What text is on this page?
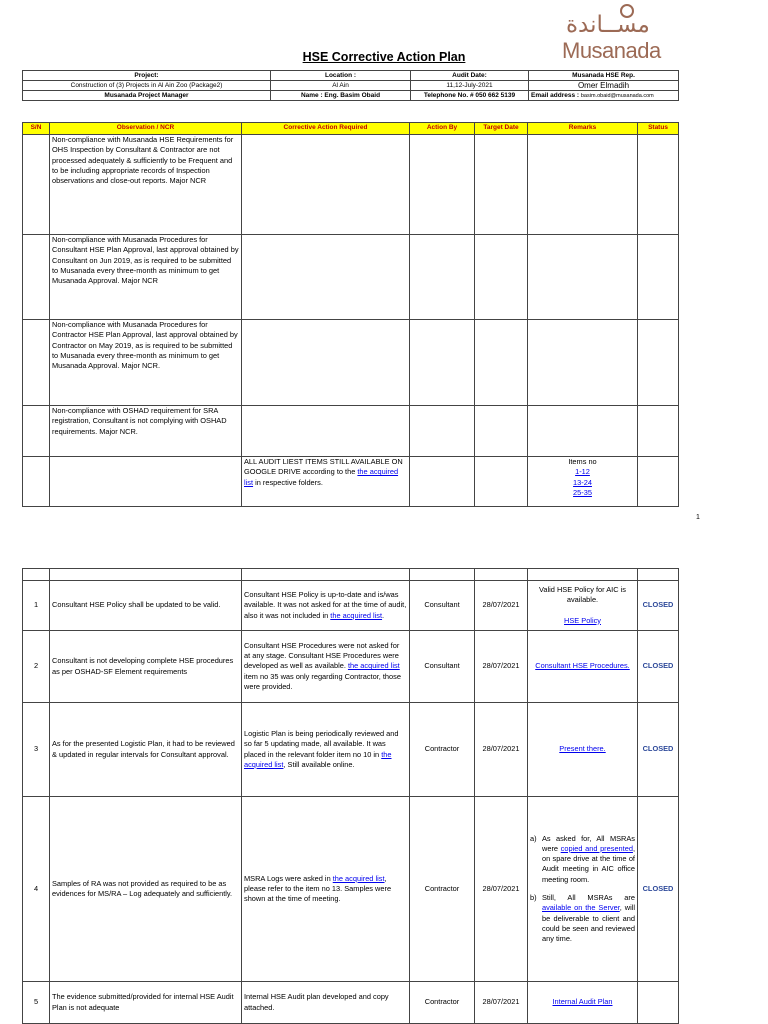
مســاندة
Musanada
HSE Corrective Action Plan
Project:	Location :	Audit Date:	Musanada HSE Rep.
Construction of (3) Projects in Al Ain Zoo (Package2)	Al Ain	11,12-July-2021	Omer Elmadih
Musanada Project Manager	Name : Eng. Basim Obaid	Telephone No. # 050 662 5139	Email address : basim.obaid@musanada.com
S/N	Observation / NCR	Corrective Action Required	Action By	Target Date	Remarks	Status
	Non-compliance with Musanada HSE Requirements for OHS Inspection by Consultant & Contractor are not processed adequately & sufficiently to be Frequent and to be including appropriate records of Inspection observations and close-out reports. Major NCR					
	Non-compliance with Musanada Procedures for Consultant HSE Plan Approval, last approval obtained by Consultant on Jun 2019, as is required to be submitted to Musanada every three-month as minimum to get Musanada Approval. Major NCR					
	Non-compliance with Musanada Procedures for Contractor HSE Plan Approval, last approval obtained by Contractor on May 2019, as is required to be submitted to Musanada every three-month as minimum to get Musanada Approval. Major NCR.					
	Non-compliance with OSHAD requirement for SRA registration, Consultant is not complying with OSHAD requirements. Major NCR.					
		ALL AUDIT LIEST ITEMS STILL AVAILABLE ON GOOGLE DRIVE according to the the acquired list in respective folders.			Items no
1-12
13-24
25-35	

1

1	Consultant HSE Policy shall be updated to be valid.	Consultant HSE Policy is up-to-date and is/was available. It was not asked for at the time of audit, also it was not included in the acquired list.	Consultant	28/07/2021	Valid HSE Policy for AIC is available.
HSE Policy	CLOSED
2	Consultant is not developing complete HSE procedures as per OSHAD-SF Element requirements	Consultant HSE Procedures were not asked for at any stage. Consultant HSE Procedures were developed as well as available. the acquired list item no 35 was only regarding Contractor, those were provided.	Consultant	28/07/2021	Consultant HSE Procedures.	CLOSED
3	As for the presented Logistic Plan, it had to be reviewed & updated in regular intervals for Consultant approval.	Logistic Plan is being periodically reviewed and so far 5 updating made, all available. It was placed in the relevant folder item no 10 in the acquired list, Still available online.	Contractor	28/07/2021	Present there.	CLOSED
4	Samples of RA was not provided as required to be as evidences for MS/RA – Log adequately and sufficiently.	MSRA Logs were asked in the acquired list, please refer to the item no 13. Samples were shown at the time of meeting.	Contractor	28/07/2021	a) As asked for, All MSRAs were copied and presented, on spare drive at the time of Audit meeting in AIC office meeting room.
b) Still, All MSRAs are available on the Server, will be deliverable to client and could be seen and reviewed any time.	CLOSED
5	The evidence submitted/provided for internal HSE Audit Plan is not adequate	Internal HSE Audit plan developed and copy attached.	Contractor	28/07/2021	Internal Audit Plan	
